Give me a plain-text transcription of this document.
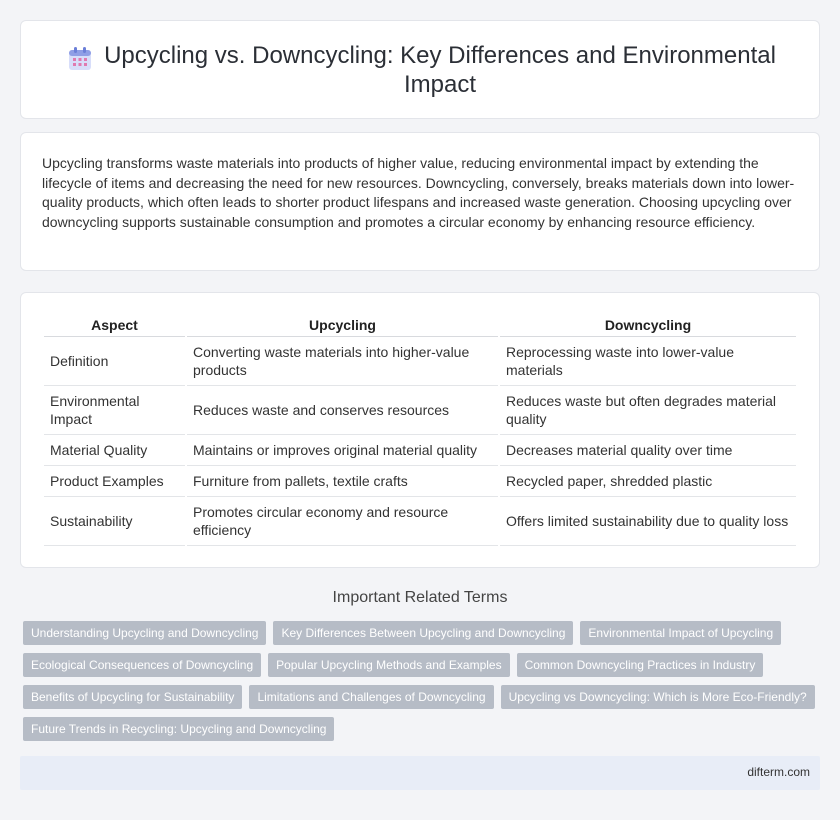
Upcycling vs. Downcycling: Key Differences and Environmental Impact

Upcycling transforms waste materials into products of higher value, reducing environmental impact by extending the lifecycle of items and decreasing the need for new resources. Downcycling, conversely, breaks materials down into lower-quality products, which often leads to shorter product lifespans and increased waste generation. Choosing upcycling over downcycling supports sustainable consumption and promotes a circular economy by enhancing resource efficiency.

Aspect	Upcycling	Downcycling
Definition	Converting waste materials into higher-value products	Reprocessing waste into lower-value materials
Environmental Impact	Reduces waste and conserves resources	Reduces waste but often degrades material quality
Material Quality	Maintains or improves original material quality	Decreases material quality over time
Product Examples	Furniture from pallets, textile crafts	Recycled paper, shredded plastic
Sustainability	Promotes circular economy and resource efficiency	Offers limited sustainability due to quality loss
Important Related Terms
Understanding Upcycling and Downcycling	Key Differences Between Upcycling and Downcycling	Environmental Impact of Upcycling
Ecological Consequences of Downcycling	Popular Upcycling Methods and Examples	Common Downcycling Practices in Industry
Benefits of Upcycling for Sustainability	Limitations and Challenges of Downcycling	Upcycling vs Downcycling: Which is More Eco-Friendly?
Future Trends in Recycling: Upcycling and Downcycling
difterm.com
